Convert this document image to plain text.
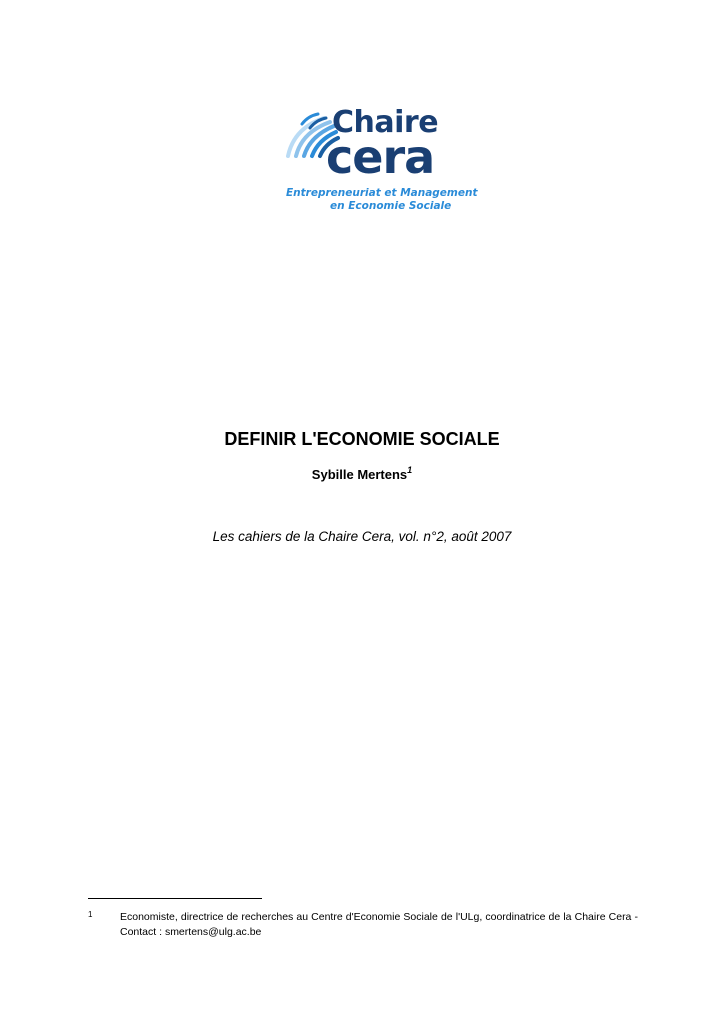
Chaire
cera
Entrepreneuriat et Management
en Economie Sociale
DEFINIR L'ECONOMIE SOCIALE

Sybille Mertens$^1$

Les cahiers de la Chaire Cera, vol. n°2, août 2007

1	Economiste, directrice de recherches au Centre d'Economie Sociale de l'ULg, coordinatrice de la Chaire Cera - Contact : smertens@ulg.ac.be
